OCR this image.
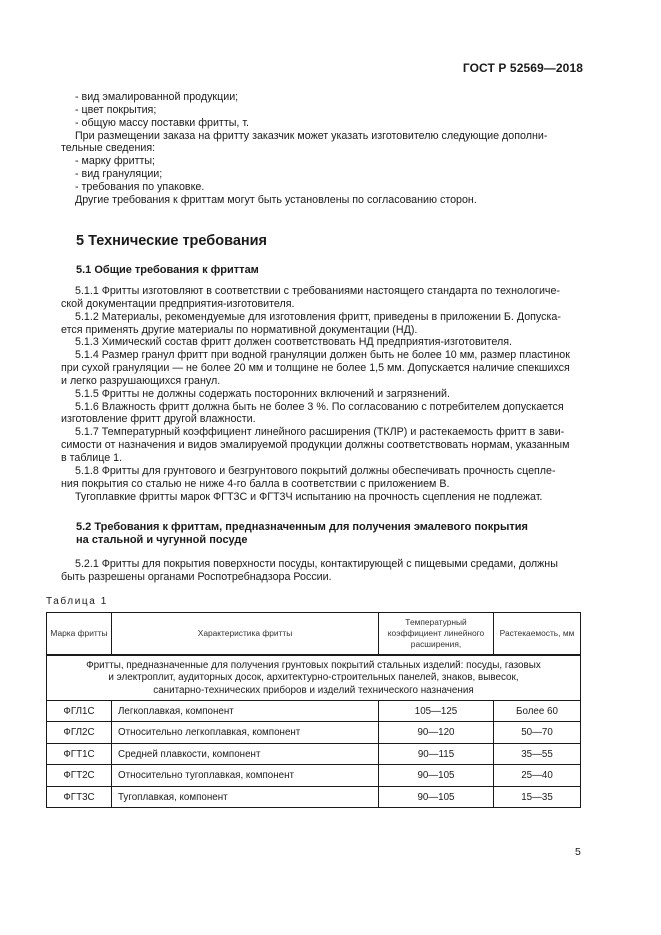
ГОСТ Р 52569—2018
- вид эмалированной продукции;
- цвет покрытия;
- общую массу поставки фритты, т.
При размещении заказа на фритту заказчик может указать изготовителю следующие дополни-
тельные сведения:
- марку фритты;
- вид грануляции;
- требования по упаковке.
Другие требования к фриттам могут быть установлены по согласованию сторон.
5 Технические требования
5.1 Общие требования к фриттам
5.1.1 Фритты изготовляют в соответствии с требованиями настоящего стандарта по технологиче-
ской документации предприятия-изготовителя.
5.1.2 Материалы, рекомендуемые для изготовления фритт, приведены в приложении Б. Допуска-
ется применять другие материалы по нормативной документации (НД).
5.1.3 Химический состав фритт должен соответствовать НД предприятия-изготовителя.
5.1.4 Размер гранул фритт при водной грануляции должен быть не более 10 мм, размер пластинок
при сухой грануляции — не более 20 мм и толщине не более 1,5 мм. Допускается наличие спекшихся
и легко разрушающихся гранул.
5.1.5 Фритты не должны содержать посторонних включений и загрязнений.
5.1.6 Влажность фритт должна быть не более 3 %. По согласованию с потребителем допускается
изготовление фритт другой влажности.
5.1.7 Температурный коэффициент линейного расширения (ТКЛР) и растекаемость фритт в зави-
симости от назначения и видов эмалируемой продукции должны соответствовать нормам, указанным
в таблице 1.
5.1.8 Фритты для грунтового и безгрунтового покрытий должны обеспечивать прочность сцепле-
ния покрытия со сталью не ниже 4-го балла в соответствии с приложением В.
Тугоплавкие фритты марок ФГТ3С и ФГТ3Ч испытанию на прочность сцепления не подлежат.
5.2 Требования к фриттам, предназначенным для получения эмалевого покрытия
на стальной и чугунной посуде
5.2.1 Фритты для покрытия поверхности посуды, контактирующей с пищевыми средами, должны
быть разрешены органами Роспотребнадзора России.
Таблица 1
Марка фритты	Характеристика фритты	Температурный коэффициент линейного расширения,	Растекаемость, мм

Фритты, предназначенные для получения грунтовых покрытий стальных изделий: посуды, газовых
и электроплит, аудиторных досок, архитектурно-строительных панелей, знаков, вывесок,
санитарно-технических приборов и изделий технического назначения			

ФГЛ1С	Легкоплавкая, компонент	105—125	Более 60
ФГЛ2С	Относительно легкоплавкая, компонент	90—120	50—70
ФГТ1С	Средней плавкости, компонент	90—115	35—55
ФГТ2С	Относительно тугоплавкая, компонент	90—105	25—40
ФГТ3С	Тугоплавкая, компонент	90—105	15—35
5
